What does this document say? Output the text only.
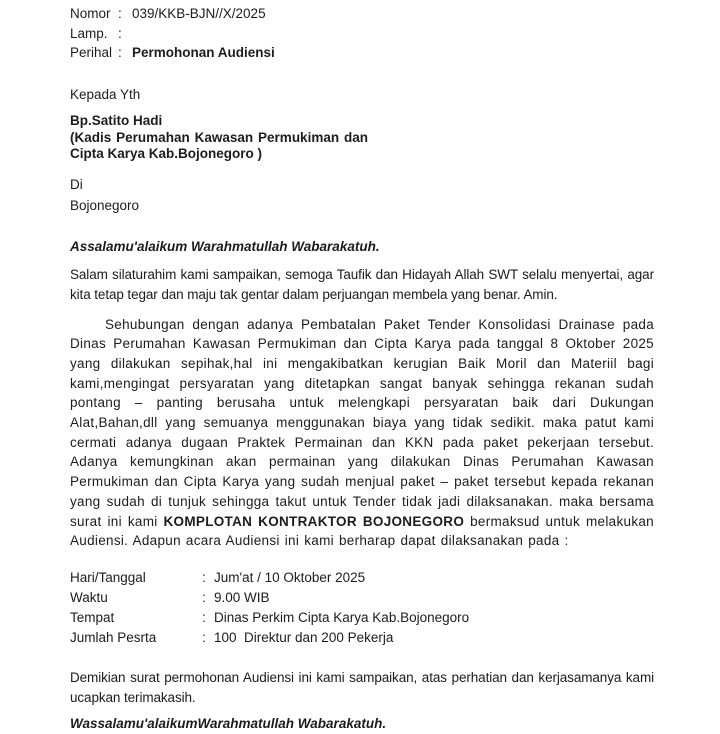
Nomor : 039/KKB-BJN//X/2025
Lamp. :
Perihal : Permohonan Audiensi
Kepada Yth
Bp.Satito Hadi
(Kadis Perumahan Kawasan Permukiman dan
Cipta Karya Kab.Bojonegoro )
Di
Bojonegoro
Assalamu'alaikum Warahmatullah Wabarakatuh.
Salam silaturahim kami sampaikan, semoga Taufik dan Hidayah Allah SWT selalu menyertai, agar kita tetap tegar dan maju tak gentar dalam perjuangan membela yang benar. Amin.
Sehubungan dengan adanya Pembatalan Paket Tender Konsolidasi Drainase pada Dinas Perumahan Kawasan Permukiman dan Cipta Karya pada tanggal 8 Oktober 2025 yang dilakukan sepihak,hal ini mengakibatkan kerugian Baik Moril dan Materiil bagi kami,mengingat persyaratan yang ditetapkan sangat banyak sehingga rekanan sudah pontang – panting berusaha untuk melengkapi persyaratan baik dari Dukungan Alat,Bahan,dll yang semuanya menggunakan biaya yang tidak sedikit. maka patut kami cermati adanya dugaan Praktek Permainan dan KKN pada paket pekerjaan tersebut. Adanya kemungkinan akan permainan yang dilakukan Dinas Perumahan Kawasan Permukiman dan Cipta Karya yang sudah menjual paket – paket tersebut kepada rekanan yang sudah di tunjuk sehingga takut untuk Tender tidak jadi dilaksanakan. maka bersama surat ini kami KOMPLOTAN KONTRAKTOR BOJONEGORO bermaksud untuk melakukan Audiensi. Adapun acara Audiensi ini kami berharap dapat dilaksanakan pada :
Hari/Tanggal	: Jum'at / 10 Oktober 2025
Waktu	: 9.00 WIB
Tempat	: Dinas Perkim Cipta Karya Kab.Bojonegoro
Jumlah Pesrta	: 100  Direktur dan 200 Pekerja
Demikian surat permohonan Audiensi ini kami sampaikan, atas perhatian dan kerjasamanya kami ucapkan terimakasih.
Wassalamu'alaikumWarahmatullah Wabarakatuh.
